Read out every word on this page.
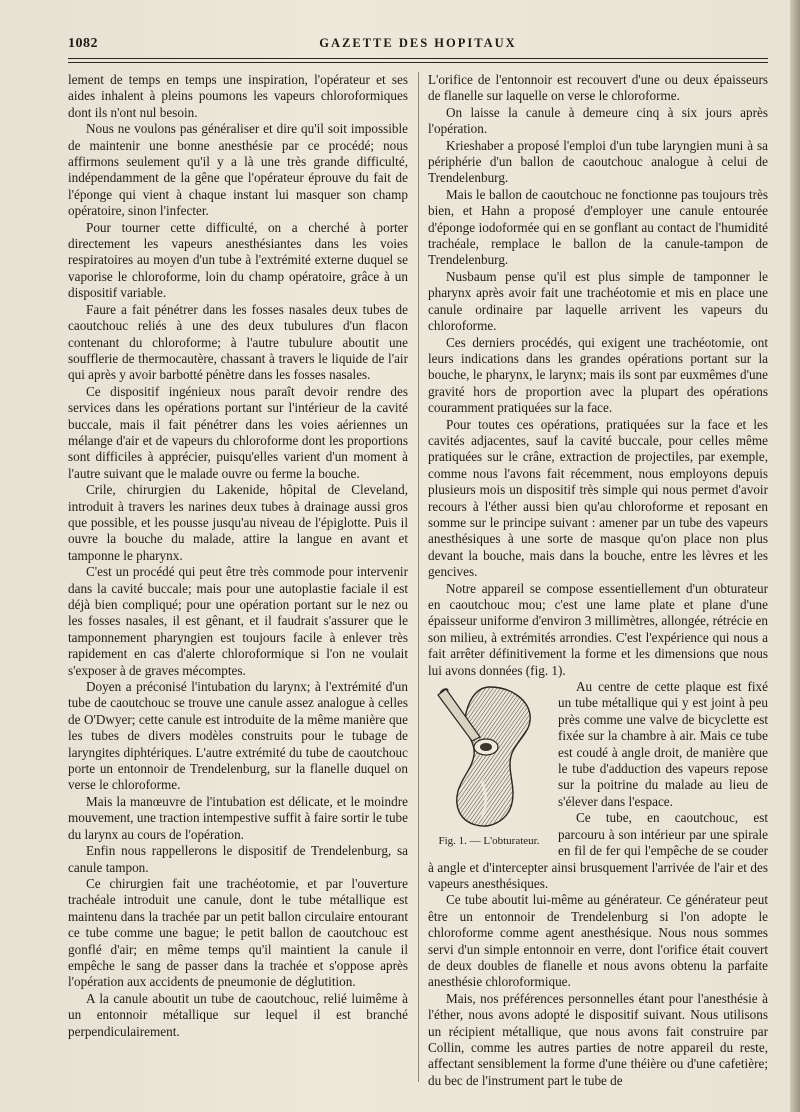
1082	GAZETTE DES HOPITAUX

lement de temps en temps une inspiration, l'opérateur et ses aides inhalent à pleins poumons les vapeurs chloroformiques dont ils n'ont nul besoin.

Nous ne voulons pas généraliser et dire qu'il soit impossible de maintenir une bonne anesthésie par ce procédé; nous affirmons seulement qu'il y a là une très grande difficulté, indépendamment de la gêne que l'opérateur éprouve du fait de l'éponge qui vient à chaque instant lui masquer son champ opératoire, sinon l'infecter.

Pour tourner cette difficulté, on a cherché à porter directement les vapeurs anesthésiantes dans les voies respiratoires au moyen d'un tube à l'extrémité externe duquel se vaporise le chloroforme, loin du champ opératoire, grâce à un dispositif variable.

Faure a fait pénétrer dans les fosses nasales deux tubes de caoutchouc reliés à une des deux tubulures d'un flacon contenant du chloroforme; à l'autre tubulure aboutit une soufflerie de thermocautère, chassant à travers le liquide de l'air qui après y avoir barbotté pénètre dans les fosses nasales.

Ce dispositif ingénieux nous paraît devoir rendre des services dans les opérations portant sur l'intérieur de la cavité buccale, mais il fait pénétrer dans les voies aériennes un mélange d'air et de vapeurs du chloroforme dont les proportions sont difficiles à apprécier, puisqu'elles varient d'un moment à l'autre suivant que le malade ouvre ou ferme la bouche.

Crile, chirurgien du Lakenide, hôpital de Cleveland, introduit à travers les narines deux tubes à drainage aussi gros que possible, et les pousse jusqu'au niveau de l'épiglotte. Puis il ouvre la bouche du malade, attire la langue en avant et tamponne le pharynx.

C'est un procédé qui peut être très commode pour intervenir dans la cavité buccale; mais pour une autoplastie faciale il est déjà bien compliqué; pour une opération portant sur le nez ou les fosses nasales, il est gênant, et il faudrait s'assurer que le tamponnement pharyngien est toujours facile à enlever très rapidement en cas d'alerte chloroformique si l'on ne voulait s'exposer à de graves mécomptes.

Doyen a préconisé l'intubation du larynx; à l'extrémité d'un tube de caoutchouc se trouve une canule assez analogue à celles de O'Dwyer; cette canule est introduite de la même manière que les tubes de divers modèles construits pour le tubage de laryngites diphtériques. L'autre extrémité du tube de caoutchouc porte un entonnoir de Trendelenburg, sur la flanelle duquel on verse le chloroforme.

Mais la manœuvre de l'intubation est délicate, et le moindre mouvement, une traction intempestive suffit à faire sortir le tube du larynx au cours de l'opération.

Enfin nous rappellerons le dispositif de Trendelenburg, sa canule tampon.

Ce chirurgien fait une trachéotomie, et par l'ouverture trachéale introduit une canule, dont le tube métallique est maintenu dans la trachée par un petit ballon circulaire entourant ce tube comme une bague; le petit ballon de caoutchouc est gonflé d'air; en même temps qu'il maintient la canule il empêche le sang de passer dans la trachée et s'oppose après l'opération aux accidents de pneumonie de déglutition.

A la canule aboutit un tube de caoutchouc, relié luimême à un entonnoir métallique sur lequel il est branché perpendiculairement.

L'orifice de l'entonnoir est recouvert d'une ou deux épaisseurs de flanelle sur laquelle on verse le chloroforme.

On laisse la canule à demeure cinq à six jours après l'opération.

Krieshaber a proposé l'emploi d'un tube laryngien muni à sa périphérie d'un ballon de caoutchouc analogue à celui de Trendelenburg.

Mais le ballon de caoutchouc ne fonctionne pas toujours très bien, et Hahn a proposé d'employer une canule entourée d'éponge iodoformée qui en se gonflant au contact de l'humidité trachéale, remplace le ballon de la canule-tampon de Trendelenburg.

Nusbaum pense qu'il est plus simple de tamponner le pharynx après avoir fait une trachéotomie et mis en place une canule ordinaire par laquelle arrivent les vapeurs du chloroforme.

Ces derniers procédés, qui exigent une trachéotomie, ont leurs indications dans les grandes opérations portant sur la bouche, le pharynx, le larynx; mais ils sont par euxmêmes d'une gravité hors de proportion avec la plupart des opérations couramment pratiquées sur la face.

Pour toutes ces opérations, pratiquées sur la face et les cavités adjacentes, sauf la cavité buccale, pour celles même pratiquées sur le crâne, extraction de projectiles, par exemple, comme nous l'avons fait récemment, nous employons depuis plusieurs mois un dispositif très simple qui nous permet d'avoir recours à l'éther aussi bien qu'au chloroforme et reposant en somme sur le principe suivant : amener par un tube des vapeurs anesthésiques à une sorte de masque qu'on place non plus devant la bouche, mais dans la bouche, entre les lèvres et les gencives.

Notre appareil se compose essentiellement d'un obturateur en caoutchouc mou; c'est une lame plate et plane d'une épaisseur uniforme d'environ 3 millimètres, allongée, rétrécie en son milieu, à extrémités arrondies. C'est l'expérience qui nous a fait arrêter définitivement la forme et les dimensions que nous lui avons données (fig. 1).

Fig. 1. — L'obturateur.

Au centre de cette plaque est fixé un tube métallique qui y est joint à peu près comme une valve de bicyclette est fixée sur la chambre à air. Mais ce tube est coudé à angle droit, de manière que le tube d'adduction des vapeurs repose sur la poitrine du malade au lieu de s'élever dans l'espace.

Ce tube, en caoutchouc, est parcouru à son intérieur par une spirale en fil de fer qui l'empêche de se couder à angle et d'intercepter ainsi brusquement l'arrivée de l'air et des vapeurs anesthésiques.

Ce tube aboutit lui-même au générateur. Ce générateur peut être un entonnoir de Trendelenburg si l'on adopte le chloroforme comme agent anesthésique. Nous nous sommes servi d'un simple entonnoir en verre, dont l'orifice était couvert de deux doubles de flanelle et nous avons obtenu la parfaite anesthésie chloroformique.

Mais, nos préférences personnelles étant pour l'anesthésie à l'éther, nous avons adopté le dispositif suivant. Nous utilisons un récipient métallique, que nous avons fait construire par Collin, comme les autres parties de notre appareil du reste, affectant sensiblement la forme d'une théière ou d'une cafetière; du bec de l'instrument part le tube de
